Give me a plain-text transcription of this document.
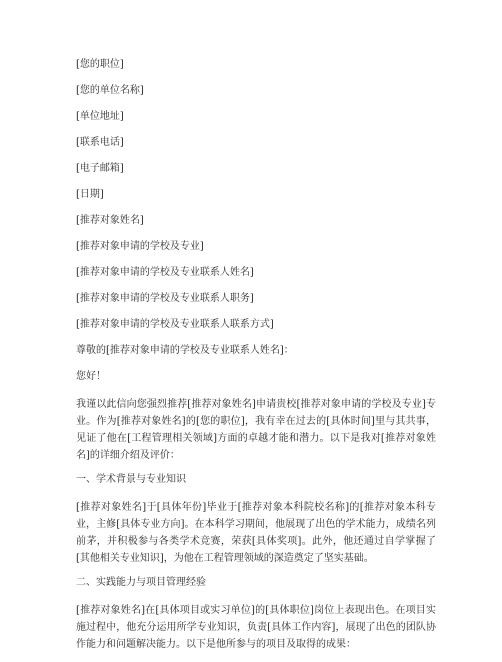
[您的职位]

[您的单位名称]

[单位地址]

[联系电话]

[电子邮箱]

[日期]

[推荐对象姓名]

[推荐对象申请的学校及专业]

[推荐对象申请的学校及专业联系人姓名]

[推荐对象申请的学校及专业联系人职务]

[推荐对象申请的学校及专业联系人联系方式]

尊敬的[推荐对象申请的学校及专业联系人姓名]：

您好！

我谨以此信向您强烈推荐[推荐对象姓名]申请贵校[推荐对象申请的学校及专业]专业。作为[推荐对象姓名]的[您的职位]，我有幸在过去的[具体时间]里与其共事，见证了他在[工程管理相关领域]方面的卓越才能和潜力。以下是我对[推荐对象姓名]的详细介绍及评价：

一、学术背景与专业知识

[推荐对象姓名]于[具体年份]毕业于[推荐对象本科院校名称]的[推荐对象本科专业，主修[具体专业方向]。在本科学习期间，他展现了出色的学术能力，成绩名列前茅，并积极参与各类学术竞赛，荣获[具体奖项]。此外，他还通过自学掌握了[其他相关专业知识]，为他在工程管理领域的深造奠定了坚实基础。

二、实践能力与项目管理经验

[推荐对象姓名]在[具体项目或实习单位]的[具体职位]岗位上表现出色。在项目实施过程中，他充分运用所学专业知识，负责[具体工作内容]，展现了出色的团队协作能力和问题解决能力。以下是他所参与的项目及取得的成果：
